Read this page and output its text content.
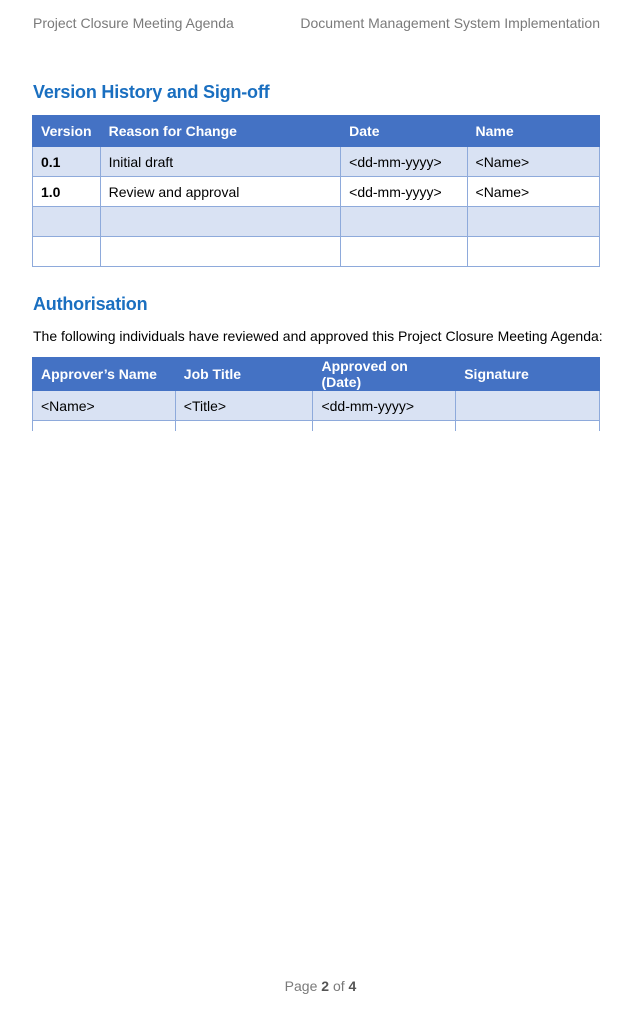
Project Closure Meeting Agenda	Document Management System Implementation
Version History and Sign-off
Version	Reason for Change	Date	Name
0.1	Initial draft	<dd-mm-yyyy>	<Name>
1.0	Review and approval	<dd-mm-yyyy>	<Name>

Authorisation
The following individuals have reviewed and approved this Project Closure Meeting Agenda:
Approver’s Name	Job Title	Approved on (Date)	Signature
<Name>	<Title>	<dd-mm-yyyy>	

Page 2 of 4
